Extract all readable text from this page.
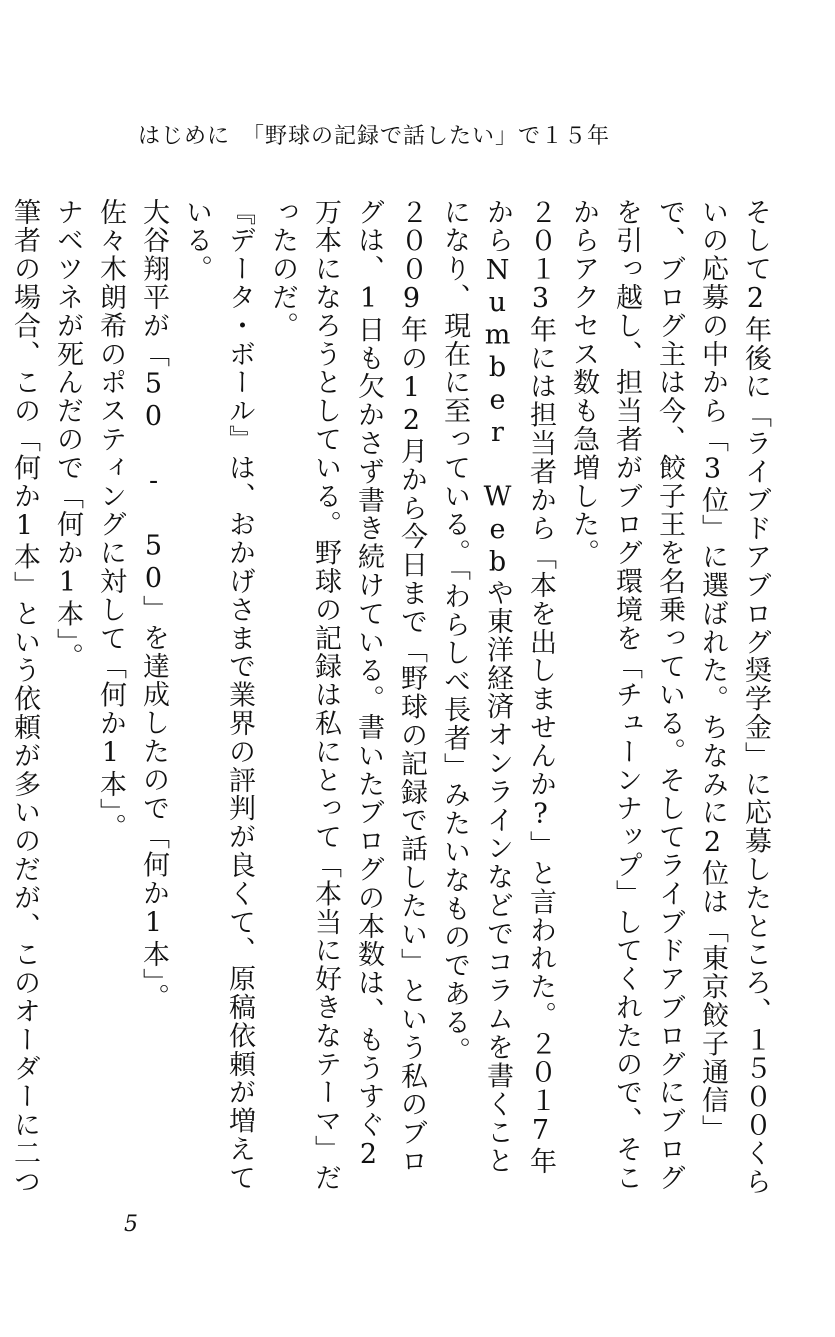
はじめに　「野球の記録で話したい」で１５年

そして2年後に「ライブドアブログ奨学金」に応募したところ、１５００くらいの応募の中から「3位」に選ばれた。ちなみに2位は「東京餃子通信」で、ブログ主は今、餃子王を名乗っている。そしてライブドアブログにブログを引っ越し、担当者がブログ環境を「チューンナップ」してくれたので、そこからアクセス数も急増した。

２０１3年には担当者から「本を出しませんか?」と言われた。２０１7年からNumber Webや東洋経済オンラインなどでコラムを書くことになり、現在に至っている。「わらしべ長者」みたいなものである。

２００9年の12月から今日まで「野球の記録で話したい」という私のブログは、1日も欠かさず書き続けている。書いたブログの本数は、もうすぐ2万本になろうとしている。野球の記録は私にとって「本当に好きなテーマ」だったのだ。

『データ・ボール』は、おかげさまで業界の評判が良くて、原稿依頼が増えている。

大谷翔平が「50 - 50」を達成したので「何か1本」。

佐々木朗希のポスティングに対して「何か1本」。

ナベツネが死んだので「何か1本」。

筆者の場合、この「何か1本」という依頼が多いのだが、このオーダーに二つ

5
